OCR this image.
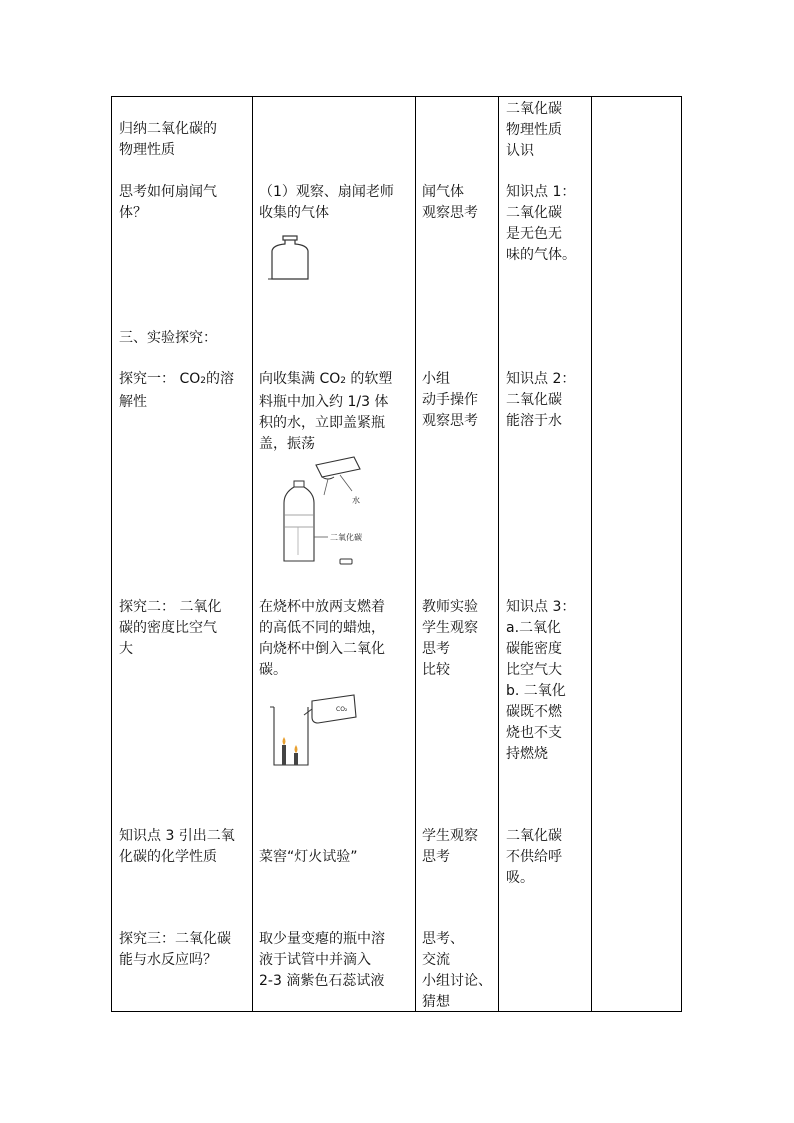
二氧化碳
物理性质
认识
归纳二氧化碳的
物理性质
思考如何扇闻气
体？
（1）观察、扇闻老师
收集的气体
闻气体
观察思考
知识点 1：
二氧化碳
是无色无
味的气体。
三、实验探究：
探究一： CO2的溶
解性
向收集满 CO2 的软塑
料瓶中加入约 1/3 体
积的水，立即盖紧瓶
盖，振荡
水
二氧化碳
小组
动手操作
观察思考
知识点 2：
二氧化碳
能溶于水
探究二： 二氧化
碳的密度比空气
大
在烧杯中放两支燃着
的高低不同的蜡烛，
向烧杯中倒入二氧化
碳。
CO₂
教师实验
学生观察
思考
比较
知识点 3：
a.二氧化
碳能密度
比空气大
b. 二氧化
碳既不燃
烧也不支
持燃烧
知识点 3 引出二氧
化碳的化学性质	菜窖“灯火试验”
学生观察
思考
二氧化碳
不供给呼
吸。
探究三：二氧化碳
能与水反应吗？
取少量变瘪的瓶中溶
液于试管中并滴入
2-3 滴紫色石蕊试液
思考、
交流
小组讨论、
猜想
